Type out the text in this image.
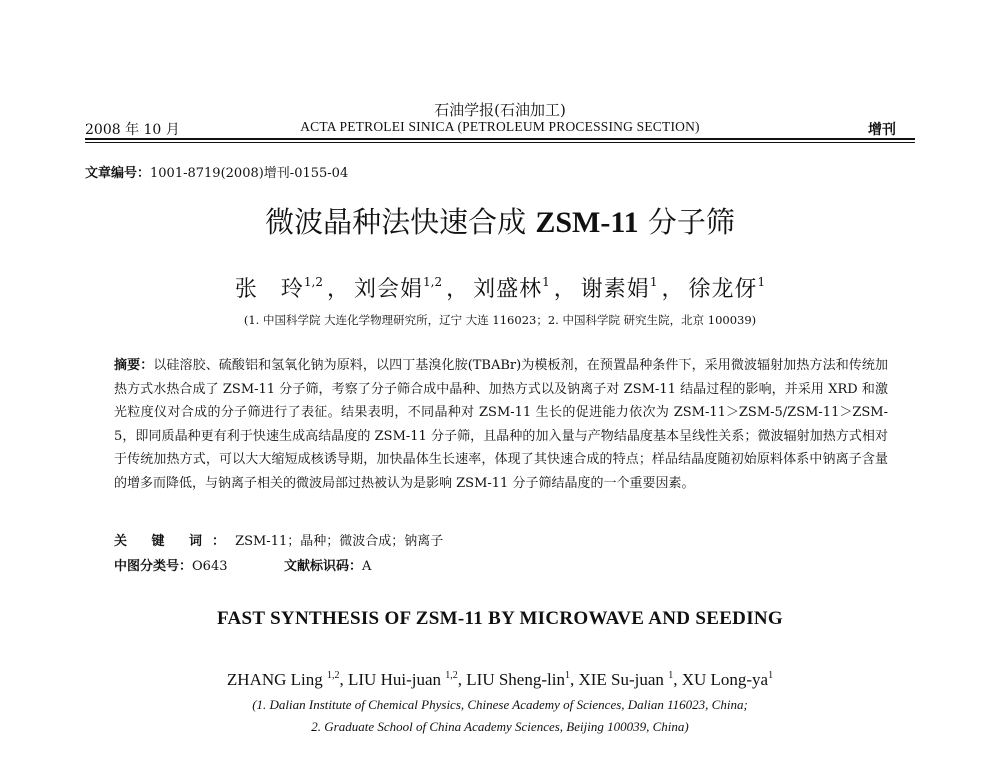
石油学报(石油加工)
2008 年 10 月	ACTA PETROLEI SINICA (PETROLEUM PROCESSING SECTION)	增刊
文章编号：1001-8719(2008)增刊-0155-04
微波晶种法快速合成 ZSM-11 分子筛
张　玲$^{1,2}$ ， 刘会娟$^{1,2}$ ， 刘盛林$^1$ ， 谢素娟$^1$ ， 徐龙伢$^1$
(1. 中国科学院 大连化学物理研究所，辽宁 大连 116023；2. 中国科学院 研究生院，北京 100039)
摘要：以硅溶胶、硫酸铝和氢氧化钠为原料，以四丁基溴化胺(TBABr)为模板剂，在预置晶种条件下，采用微波辐射加热方法和传统加热方式水热合成了 ZSM-11 分子筛，考察了分子筛合成中晶种、加热方式以及钠离子对 ZSM-11 结晶过程的影响，并采用 XRD 和激光粒度仪对合成的分子筛进行了表征。结果表明，不同晶种对 ZSM-11 生长的促进能力依次为 ZSM-11＞ZSM-5/ZSM-11＞ZSM-5，即同质晶种更有利于快速生成高结晶度的 ZSM-11 分子筛，且晶种的加入量与产物结晶度基本呈线性关系；微波辐射加热方式相对于传统加热方式，可以大大缩短成核诱导期，加快晶体生长速率，体现了其快速合成的特点；样品结晶度随初始原料体系中钠离子含量的增多而降低，与钠离子相关的微波局部过热被认为是影响 ZSM-11 分子筛结晶度的一个重要因素。
关 键 词：ZSM-11；晶种；微波合成；钠离子
中图分类号：O643	文献标识码：A
FAST SYNTHESIS OF ZSM-11 BY MICROWAVE AND SEEDING
ZHANG Ling $^{1,2}$, LIU Hui-juan $^{1,2}$, LIU Sheng-lin$^1$, XIE Su-juan $^1$, XU Long-$ya^1$
(1. Dalian Institute of Chemical Physics, Chinese Academy of Sciences, Dalian 116023, China;
2. Graduate School of China Academy Sciences, Beijing 100039, China)
